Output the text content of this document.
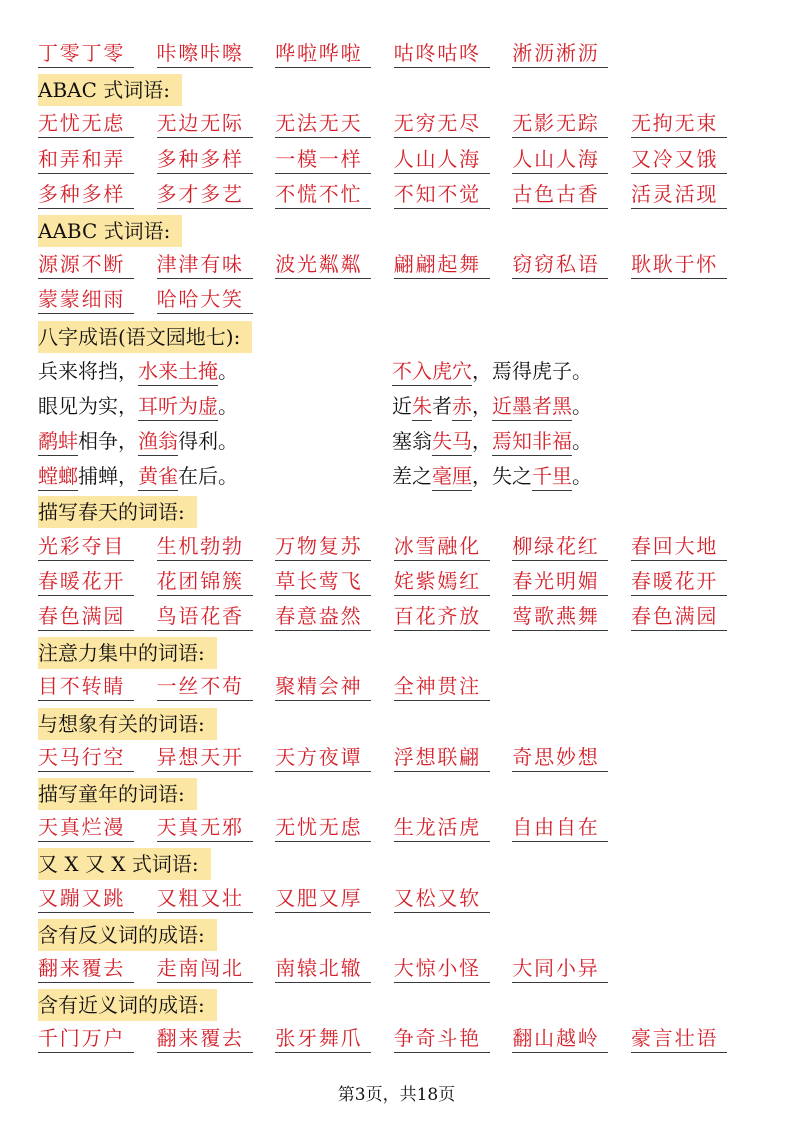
丁零丁零	咔嚓咔嚓	哗啦哗啦	咕咚咕咚	淅沥淅沥
ABAC 式词语:
无忧无虑	无边无际	无法无天	无穷无尽	无影无踪	无拘无束
和弄和弄	多种多样	一模一样	人山人海	人山人海	又冷又饿
多种多样	多才多艺	不慌不忙	不知不觉	古色古香	活灵活现
AABC 式词语:
源源不断	津津有味	波光粼粼	翩翩起舞	窃窃私语	耿耿于怀
蒙蒙细雨	哈哈大笑
八字成语(语文园地七):
兵来将挡，水来土掩。	不入虎穴，焉得虎子。
眼见为实，耳听为虚。	近朱者赤，近墨者黑。
鹬蚌相争，渔翁得利。	塞翁失马，焉知非福。
螳螂捕蝉，黄雀在后。	差之毫厘，失之千里。
描写春天的词语:
光彩夺目	生机勃勃	万物复苏	冰雪融化	柳绿花红	春回大地
春暖花开	花团锦簇	草长莺飞	姹紫嫣红	春光明媚	春暖花开
春色满园	鸟语花香	春意盎然	百花齐放	莺歌燕舞	春色满园
注意力集中的词语:
目不转睛	一丝不苟	聚精会神	全神贯注
与想象有关的词语:
天马行空	异想天开	天方夜谭	浮想联翩	奇思妙想
描写童年的词语:
天真烂漫	天真无邪	无忧无虑	生龙活虎	自由自在
又 X 又 X 式词语:
又蹦又跳	又粗又壮	又肥又厚	又松又软
含有反义词的成语:
翻来覆去	走南闯北	南辕北辙	大惊小怪	大同小异
含有近义词的成语:
千门万户	翻来覆去	张牙舞爪	争奇斗艳	翻山越岭	豪言壮语
第3页，共18页
